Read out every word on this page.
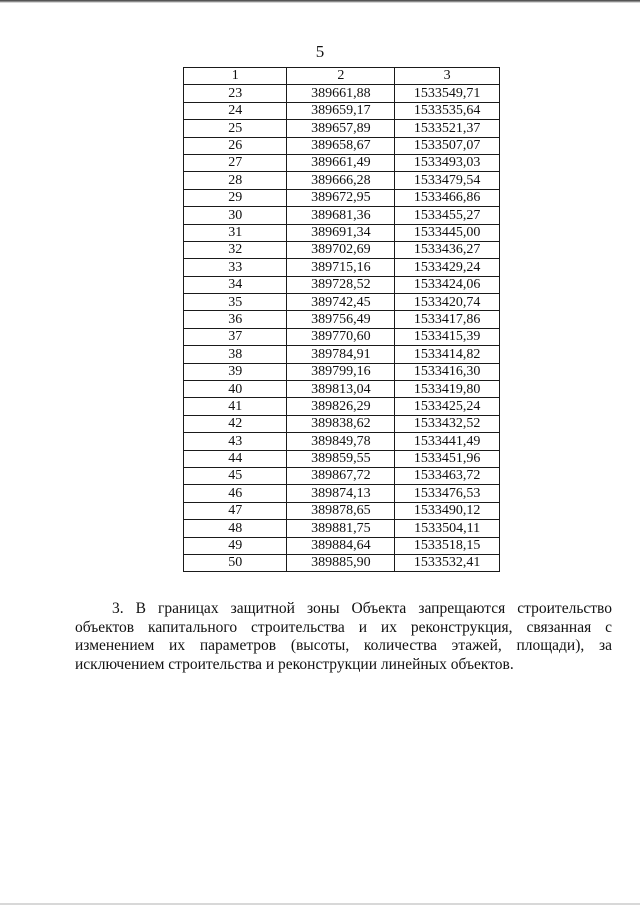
5
1	2	3
23	389661,88	1533549,71
24	389659,17	1533535,64
25	389657,89	1533521,37
26	389658,67	1533507,07
27	389661,49	1533493,03
28	389666,28	1533479,54
29	389672,95	1533466,86
30	389681,36	1533455,27
31	389691,34	1533445,00
32	389702,69	1533436,27
33	389715,16	1533429,24
34	389728,52	1533424,06
35	389742,45	1533420,74
36	389756,49	1533417,86
37	389770,60	1533415,39
38	389784,91	1533414,82
39	389799,16	1533416,30
40	389813,04	1533419,80
41	389826,29	1533425,24
42	389838,62	1533432,52
43	389849,78	1533441,49
44	389859,55	1533451,96
45	389867,72	1533463,72
46	389874,13	1533476,53
47	389878,65	1533490,12
48	389881,75	1533504,11
49	389884,64	1533518,15
50	389885,90	1533532,41

3. В границах защитной зоны Объекта запрещаются строительство объектов капитального строительства и их реконструкция, связанная с изменением их параметров (высоты, количества этажей, площади), за исключением строительства и реконструкции линейных объектов.
